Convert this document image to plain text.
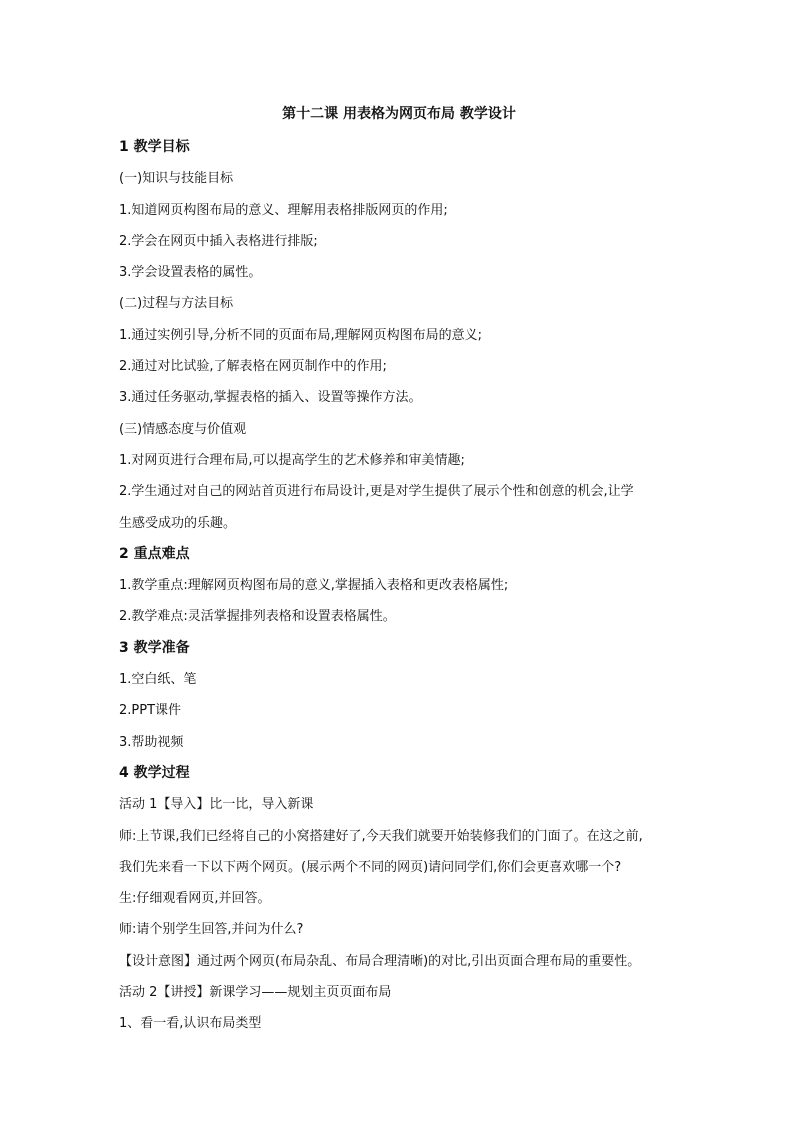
第十二课 用表格为网页布局 教学设计
1 教学目标
(一)知识与技能目标
1.知道网页构图布局的意义、理解用表格排版网页的作用;
2.学会在网页中插入表格进行排版;
3.学会设置表格的属性。
(二)过程与方法目标
1.通过实例引导,分析不同的页面布局,理解网页构图布局的意义;
2.通过对比试验,了解表格在网页制作中的作用;
3.通过任务驱动,掌握表格的插入、设置等操作方法。
(三)情感态度与价值观
1.对网页进行合理布局,可以提高学生的艺术修养和审美情趣;
2.学生通过对自己的网站首页进行布局设计,更是对学生提供了展示个性和创意的机会,让学
生感受成功的乐趣。
2 重点难点
1.教学重点:理解网页构图布局的意义,掌握插入表格和更改表格属性;
2.教学难点:灵活掌握排列表格和设置表格属性。
3 教学准备
1.空白纸、笔
2.PPT课件
3.帮助视频
4 教学过程
活动 1【导入】比一比，导入新课
师:上节课,我们已经将自己的小窝搭建好了,今天我们就要开始装修我们的门面了。在这之前,
我们先来看一下以下两个网页。(展示两个不同的网页)请问同学们,你们会更喜欢哪一个?
生:仔细观看网页,并回答。
师:请个别学生回答,并问为什么?
【设计意图】通过两个网页(布局杂乱、布局合理清晰)的对比,引出页面合理布局的重要性。
活动 2【讲授】新课学习——规划主页页面布局
1、看一看,认识布局类型
